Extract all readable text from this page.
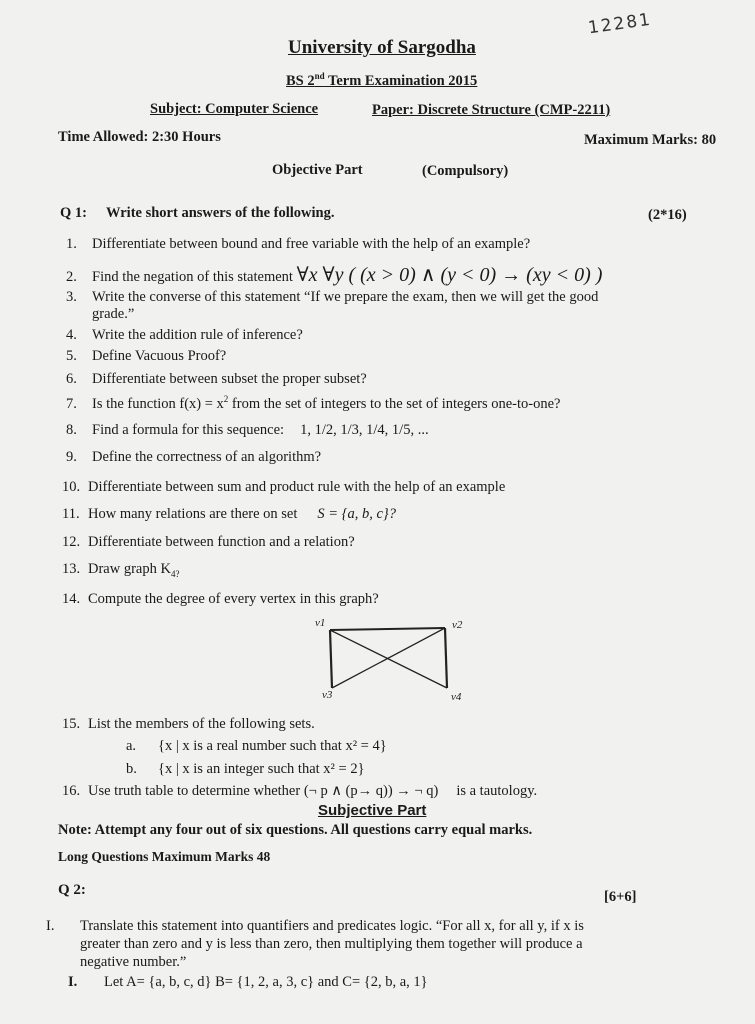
12281
University of Sargodha
BS 2nd Term Examination 2015
Subject: Computer Science	Paper: Discrete Structure (CMP-2211)
Time Allowed: 2:30 Hours	Maximum Marks: 80
Objective Part	(Compulsory)
Q 1: Write short answers of the following.	(2*16)
1. Differentiate between bound and free variable with the help of an example?
2. Find the negation of this statement ∀x ∀y ( (x > 0) ∧ (y < 0) → (xy < 0) )
3. Write the converse of this statement “If we prepare the exam, then we will get the good
grade.”
4. Write the addition rule of inference?
5. Define Vacuous Proof?
6. Differentiate between subset the proper subset?
7. Is the function $f(x) = x^2$ from the set of integers to the set of integers one-to-one?
8. Find a formula for this sequence: 1, 1/2, 1/3, 1/4, 1/5, ...
9. Define the correctness of an algorithm?
10. Differentiate between sum and product rule with the help of an example
11. How many relations are there on set S = {a, b, c}?
12. Differentiate between function and a relation?
13. Draw graph $K_{4?}$
14. Compute the degree of every vertex in this graph?
v1	v2
v3	v4
15. List the members of the following sets.
a. {x | x is a real number such that x² = 4}
b. {x | x is an integer such that x² = 2}
16. Use truth table to determine whether (¬ p ∧ (p→ q)) → ¬ q) is a tautology.
Subjective Part
Note: Attempt any four out of six questions. All questions carry equal marks.
Long Questions Maximum Marks 48
Q 2:	[6+6]
I. Translate this statement into quantifiers and predicates logic. “For all x, for all y, if x is
greater than zero and y is less than zero, then multiplying them together will produce a
negative number.”
I. Let A= {a, b, c, d} B= {1, 2, a, 3, c} and C= {2, b, a, 1}
